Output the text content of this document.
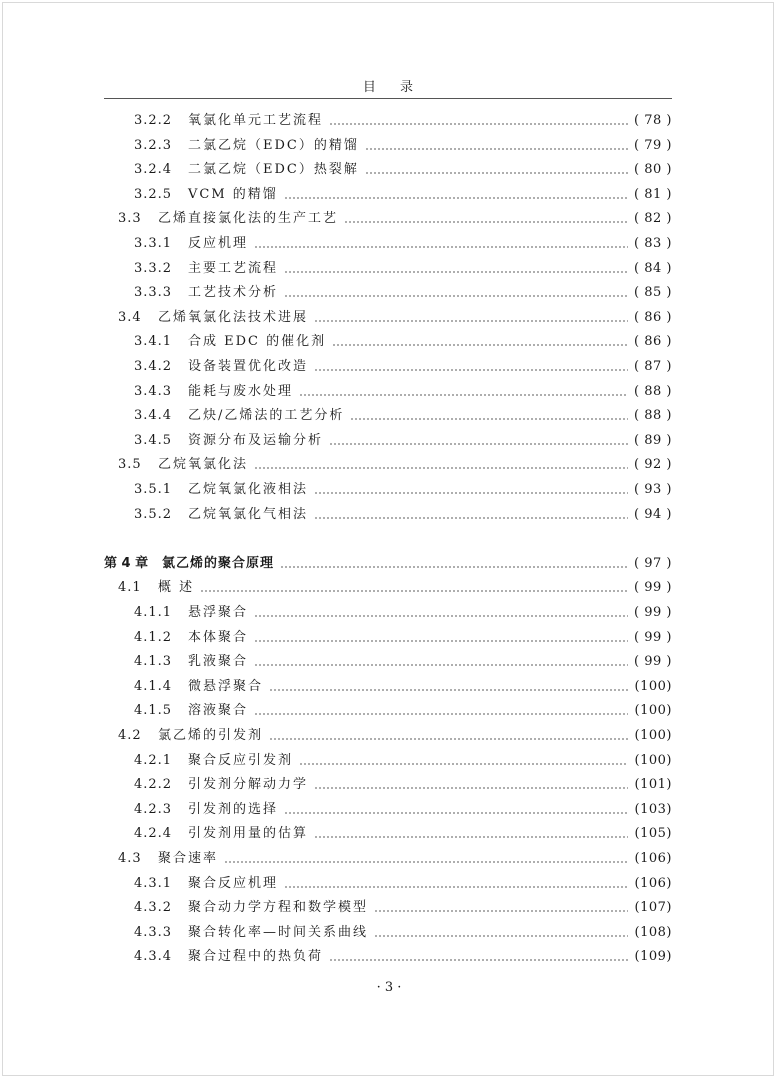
目 录
3.2.2	氧氯化单元工艺流程	( 78 )
3.2.3	二氯乙烷（EDC）的精馏	( 79 )
3.2.4	二氯乙烷（EDC）热裂解	( 80 )
3.2.5	VCM 的精馏	( 81 )
3.3	乙烯直接氯化法的生产工艺	( 82 )
3.3.1	反应机理	( 83 )
3.3.2	主要工艺流程	( 84 )
3.3.3	工艺技术分析	( 85 )
3.4	乙烯氧氯化法技术进展	( 86 )
3.4.1	合成 EDC 的催化剂	( 86 )
3.4.2	设备装置优化改造	( 87 )
3.4.3	能耗与废水处理	( 88 )
3.4.4	乙炔/乙烯法的工艺分析	( 88 )
3.4.5	资源分布及运输分析	( 89 )
3.5	乙烷氧氯化法	( 92 )
3.5.1	乙烷氧氯化液相法	( 93 )
3.5.2	乙烷氧氯化气相法	( 94 )
第 4 章	氯乙烯的聚合原理	( 97 )
4.1	概 述	( 99 )
4.1.1	悬浮聚合	( 99 )
4.1.2	本体聚合	( 99 )
4.1.3	乳液聚合	( 99 )
4.1.4	微悬浮聚合	(100)
4.1.5	溶液聚合	(100)
4.2	氯乙烯的引发剂	(100)
4.2.1	聚合反应引发剂	(100)
4.2.2	引发剂分解动力学	(101)
4.2.3	引发剂的选择	(103)
4.2.4	引发剂用量的估算	(105)
4.3	聚合速率	(106)
4.3.1	聚合反应机理	(106)
4.3.2	聚合动力学方程和数学模型	(107)
4.3.3	聚合转化率—时间关系曲线	(108)
4.3.4	聚合过程中的热负荷	(109)
· 3 ·
